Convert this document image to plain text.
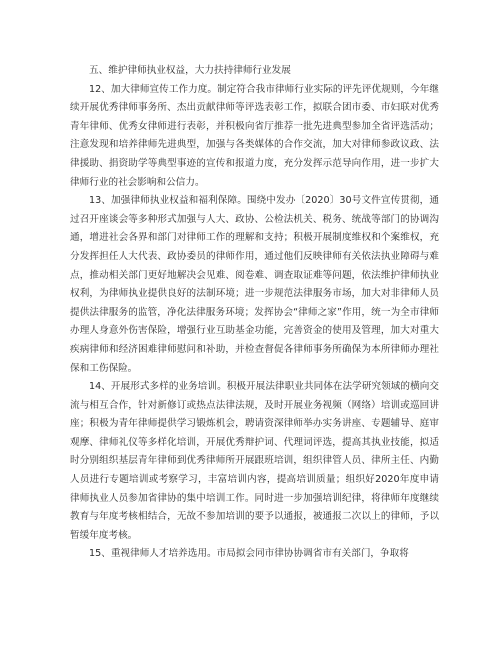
五、维护律师执业权益，大力扶持律师行业发展

12、加大律师宣传工作力度。制定符合我市律师行业实际的评先评优规则，今年继续开展优秀律师事务所、杰出贡献律师等评选表彰工作，拟联合团市委、市妇联对优秀青年律师、优秀女律师进行表彰，并积极向省厅推荐一批先进典型参加全省评选活动；注意发现和培养律师先进典型，加强与各类媒体的合作交流，加大对律师参政议政、法律援助、捐资助学等典型事迹的宣传和报道力度，充分发挥示范导向作用，进一步扩大律师行业的社会影响和公信力。

13、加强律师执业权益和福利保障。围绕中发办〔2020〕30号文件宣传贯彻，通过召开座谈会等多种形式加强与人大、政协、公检法机关、税务、统战等部门的协调沟通，增进社会各界和部门对律师工作的理解和支持；积极开展制度维权和个案维权，充分发挥担任人大代表、政协委员的律师作用，通过他们反映律师有关依法执业障碍与难点，推动相关部门更好地解决会见难、阅卷难、调查取证难等问题，依法维护律师执业权利，为律师执业提供良好的法制环境；进一步规范法律服务市场，加大对非律师人员提供法律服务的监管，净化法律服务环境；发挥协会“律师之家”作用，统一为全市律师办理人身意外伤害保险，增强行业互助基金功能，完善资金的使用及管理，加大对重大疾病律师和经济困难律师慰问和补助，并检查督促各律师事务所确保为本所律师办理社保和工伤保险。

14、开展形式多样的业务培训。积极开展法律职业共同体在法学研究领域的横向交流与相互合作，针对新修订或热点法律法规，及时开展业务视频（网络）培训或巡回讲座；积极为青年律师提供学习锻炼机会，聘请资深律师举办实务讲座、专题辅导、庭审观摩、律师礼仪等多样化培训，开展优秀辩护词、代理词评选，提高其执业技能，拟适时分别组织基层青年律师到优秀律师所开展跟班培训，组织律管人员、律所主任、内勤人员进行专题培训或考察学习，丰富培训内容，提高培训质量；组织好2020年度申请律师执业人员参加省律协的集中培训工作。同时进一步加强培训纪律，将律师年度继续教育与年度考核相结合，无故不参加培训的要予以通报，被通报二次以上的律师，予以暂缓年度考核。

15、重视律师人才培养选用。市局拟会同市律协协调省市有关部门，争取将
